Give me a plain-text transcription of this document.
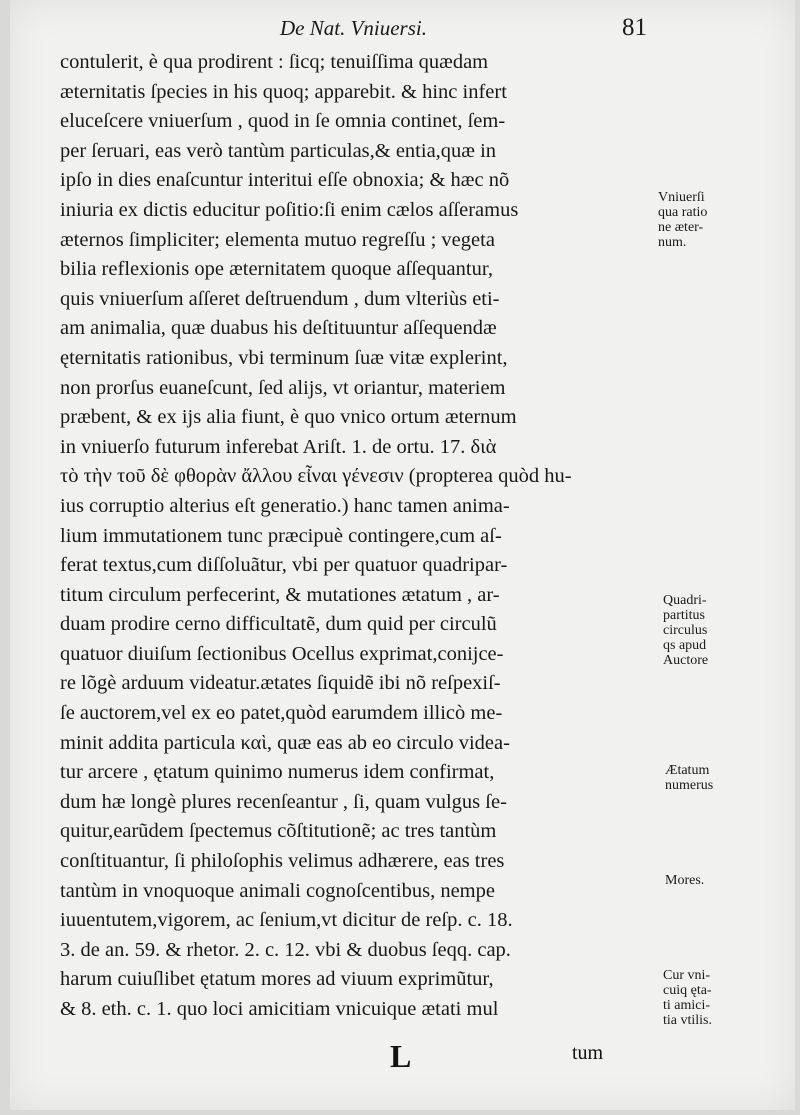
De Nat. Vniuersi.	81
contulerit, è qua prodirent : ſicq; tenuiſſima quædam
æternitatis ſpecies in his quoq; apparebit. & hinc infert
eluceſcere vniuerſum , quod in ſe omnia continet, ſem-
per ſeruari, eas verò tantùm particulas,& entia,quæ in
ipſo in dies enaſcuntur interitui eſſe obnoxia; & hæc nõ
iniuria ex dictis educitur poſitio:ſi enim cælos aſſeramus
æternos ſimpliciter; elementa mutuo regreſſu ; vegeta
bilia reflexionis ope æternitatem quoque aſſequantur,
quis vniuerſum aſſeret deſtruendum , dum vlteriùs eti-
am animalia, quæ duabus his deſtituuntur aſſequendæ
ęternitatis rationibus, vbi terminum ſuæ vitæ explerint,
non prorſus euaneſcunt, ſed alijs, vt oriantur, materiem
præbent, & ex ijs alia fiunt, è quo vnico ortum æternum
in vniuerſo futurum inferebat Ariſt. 1. de ortu. 17. διὰ
τὸ τὴν τοῦ δὲ φθορὰν ἄλλου εἶναι γένεσιν (propterea quòd hu-
ius corruptio alterius eſt generatio.) hanc tamen anima-
lium immutationem tunc præcipuè contingere,cum aſ-
ferat textus,cum diſſoluãtur, vbi per quatuor quadripar-
titum circulum perfecerint, & mutationes ætatum , ar-
duam prodire cerno difficultatẽ, dum quid per circulũ
quatuor diuiſum ſectionibus Ocellus exprimat,conijce-
re lõgè arduum videatur.ætates ſiquidẽ ibi nõ reſpexiſ-
ſe auctorem,vel ex eo patet,quòd earumdem illicò me-
minit addita particula καὶ, quæ eas ab eo circulo videa-
tur arcere , ętatum quinimo numerus idem confirmat,
dum hæ longè plures recenſeantur , ſi, quam vulgus ſe-
quitur,earũdem ſpectemus cõſtitutionẽ; ac tres tantùm
conſtituantur, ſi philoſophis velimus adhærere, eas tres
tantùm in vnoquoque animali cognoſcentibus, nempe
iuuentutem,vigorem, ac ſenium,vt dicitur de reſp. c. 18.
3. de an. 59. & rhetor. 2. c. 12. vbi & duobus ſeqq. cap.
harum cuiuſlibet ętatum mores ad viuum exprimũtur,
& 8. eth. c. 1. quo loci amicitiam vnicuique ætati mul
Vniuerſi
qua ratio
ne æter-
num.
Quadri-
partitus
circulus
qs apud
Auctore
Ætatum
numerus
Mores.
Cur vni-
cuiq ęta-
ti amici-
tia vtilis.
L	tum
